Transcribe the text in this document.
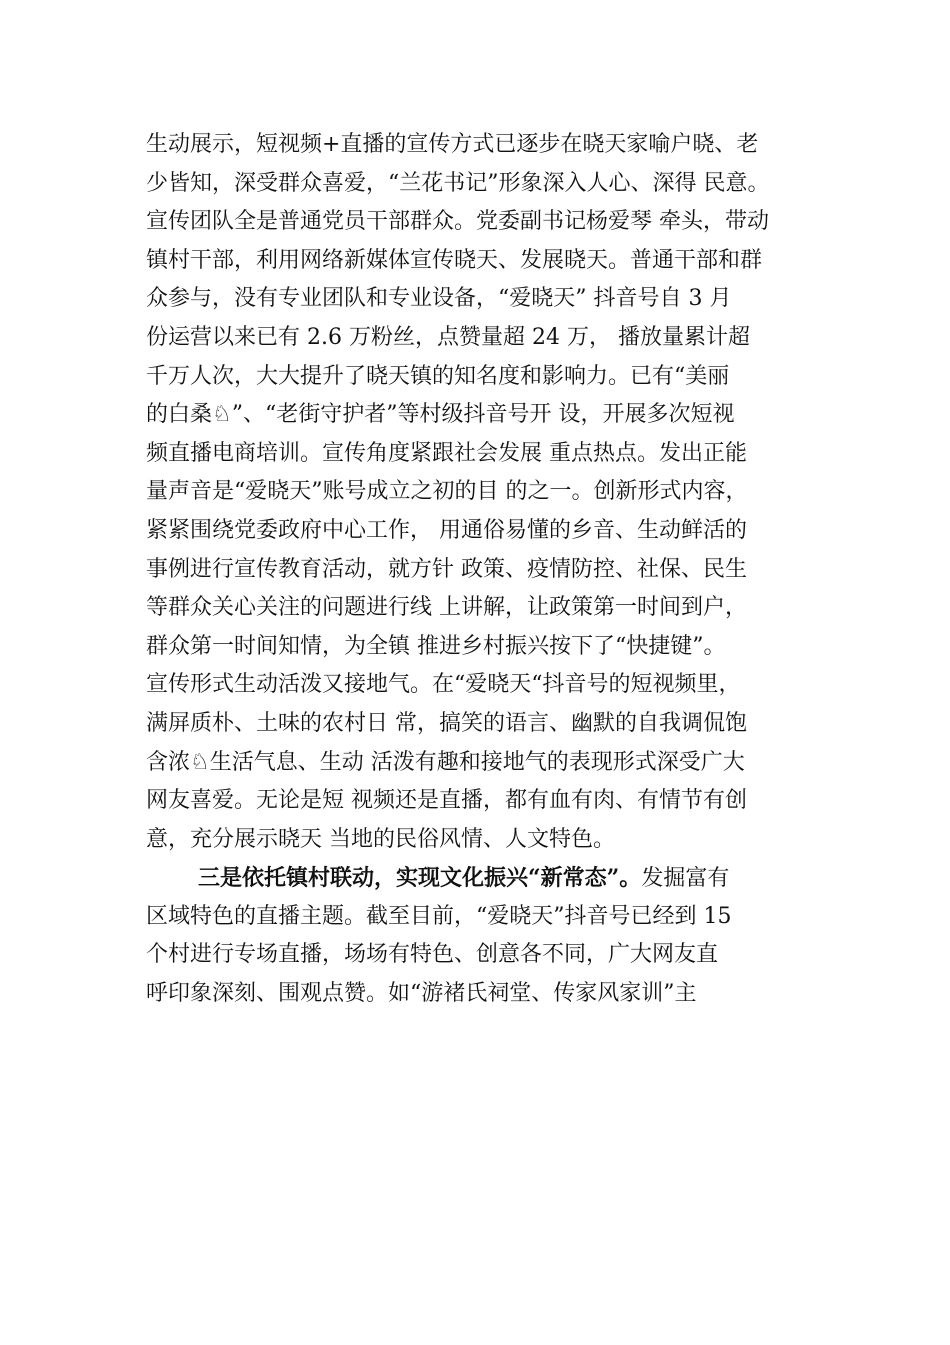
生动展示，短视频+直播的宣传方式已逐步在晓天家喻户晓、老
少皆知，深受群众喜爱，“兰花书记”形象深入人心、深得 民意。
宣传团队全是普通党员干部群众。党委副书记杨爱琴 牵头，带动
镇村干部，利用网络新媒体宣传晓天、发展晓天。普通干部和群
众参与，没有专业团队和专业设备，“爱晓天” 抖音号自 3 月
份运营以来已有 2.6 万粉丝，点赞量超 24 万， 播放量累计超
千万人次，大大提升了晓天镇的知名度和影响力。已有“美丽
的白桑♘”、“老街守护者”等村级抖音号开 设，开展多次短视
频直播电商培训。宣传角度紧跟社会发展 重点热点。发出正能
量声音是“爱晓天”账号成立之初的目 的之一。创新形式内容，
紧紧围绕党委政府中心工作， 用通俗易懂的乡音、生动鲜活的
事例进行宣传教育活动，就方针 政策、疫情防控、社保、民生
等群众关心关注的问题进行线 上讲解，让政策第一时间到户，
群众第一时间知情，为全镇 推进乡村振兴按下了“快捷键”。
宣传形式生动活泼又接地气。在“爱晓天“抖音号的短视频里，
满屏质朴、土味的农村日 常，搞笑的语言、幽默的自我调侃饱
含浓♘生活气息、生动 活泼有趣和接地气的表现形式深受广大
网友喜爱。无论是短 视频还是直播，都有血有肉、有情节有创
意，充分展示晓天 当地的民俗风情、人文特色。
三是依托镇村联动，实现文化振兴“新常态”。发掘富有
区域特色的直播主题。截至目前，“爱晓天”抖音号已经到 15
个村进行专场直播，场场有特色、创意各不同，广大网友直
呼印象深刻、围观点赞。如“游褚氏祠堂、传家风家训”主
